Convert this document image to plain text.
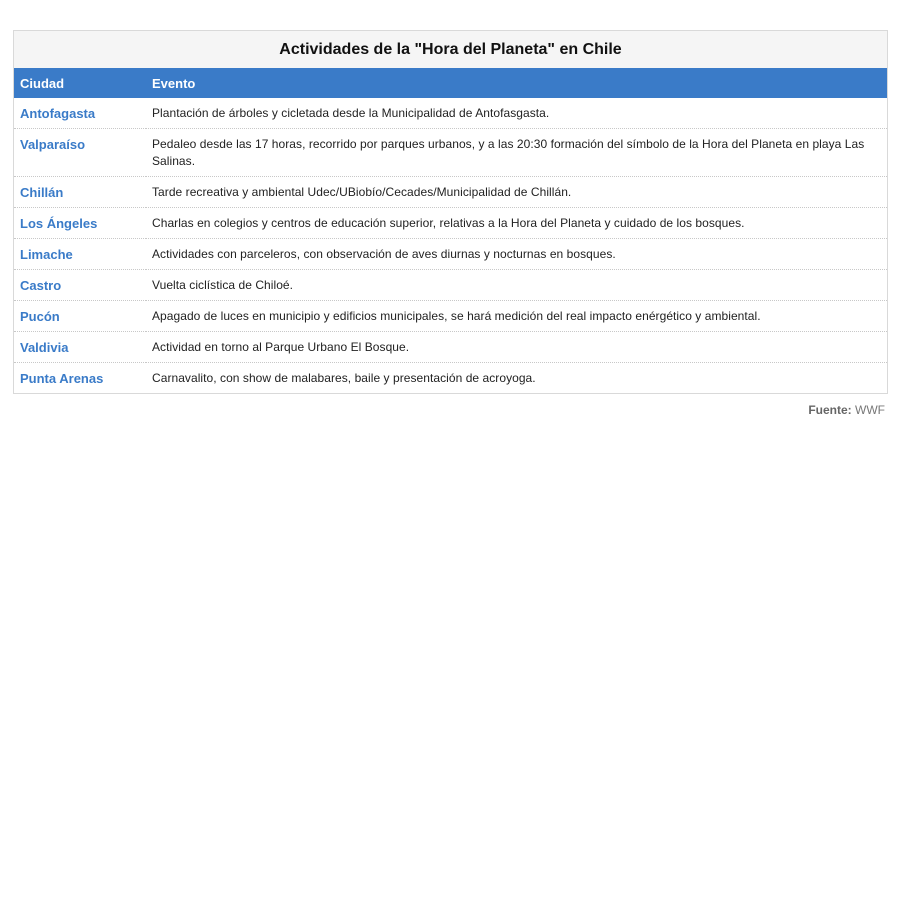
Actividades de la "Hora del Planeta" en Chile
Ciudad	Evento
Antofagasta	Plantación de árboles y cicletada desde la Municipalidad de Antofasgasta.
Valparaíso	Pedaleo desde las 17 horas, recorrido por parques urbanos, y a las 20:30 formación del símbolo de la Hora del Planeta en playa Las Salinas.
Chillán	Tarde recreativa y ambiental Udec/UBiobío/Cecades/Municipalidad de Chillán.
Los Ángeles	Charlas en colegios y centros de educación superior, relativas a la Hora del Planeta y cuidado de los bosques.
Limache	Actividades con parceleros, con observación de aves diurnas y nocturnas en bosques.
Castro	Vuelta ciclística de Chiloé.
Pucón	Apagado de luces en municipio y edificios municipales, se hará medición del real impacto enérgético y ambiental.
Valdivia	Actividad en torno al Parque Urbano El Bosque.
Punta Arenas	Carnavalito, con show de malabares, baile y presentación de acroyoga.
Fuente: WWF
